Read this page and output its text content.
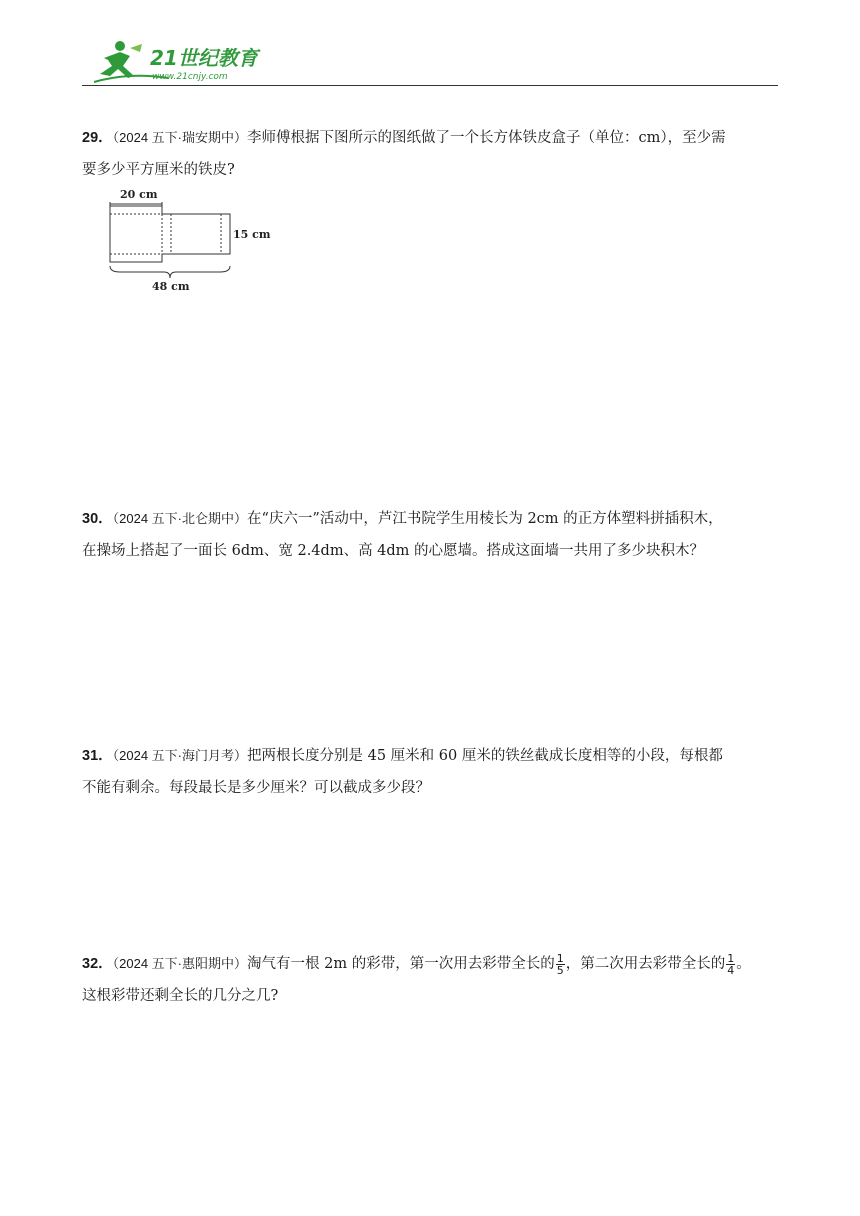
21世纪教育
www.21cnjy.com
29．（2024 五下·瑞安期中）李师傅根据下图所示的图纸做了一个长方体铁皮盒子（单位：cm），至少需
要多少平方厘米的铁皮?
20 cm
15 cm
48 cm
30．（2024 五下·北仑期中）在“庆六一”活动中，芦江书院学生用棱长为 2cm 的正方体塑料拼插积木，
在操场上搭起了一面长 6dm、宽 2.4dm、高 4dm 的心愿墙。搭成这面墙一共用了多少块积木？
31．（2024 五下·海门月考）把两根长度分别是 45 厘米和 60 厘米的铁丝截成长度相等的小段，每根都
不能有剩余。每段最长是多少厘米？可以截成多少段？
32．（2024 五下·惠阳期中）淘气有一根 2m 的彩带，第一次用去彩带全长的 $\frac{1}{5}$ ，第二次用去彩带全长的 $\frac{1}{4}$ 。
这根彩带还剩全长的几分之几?
